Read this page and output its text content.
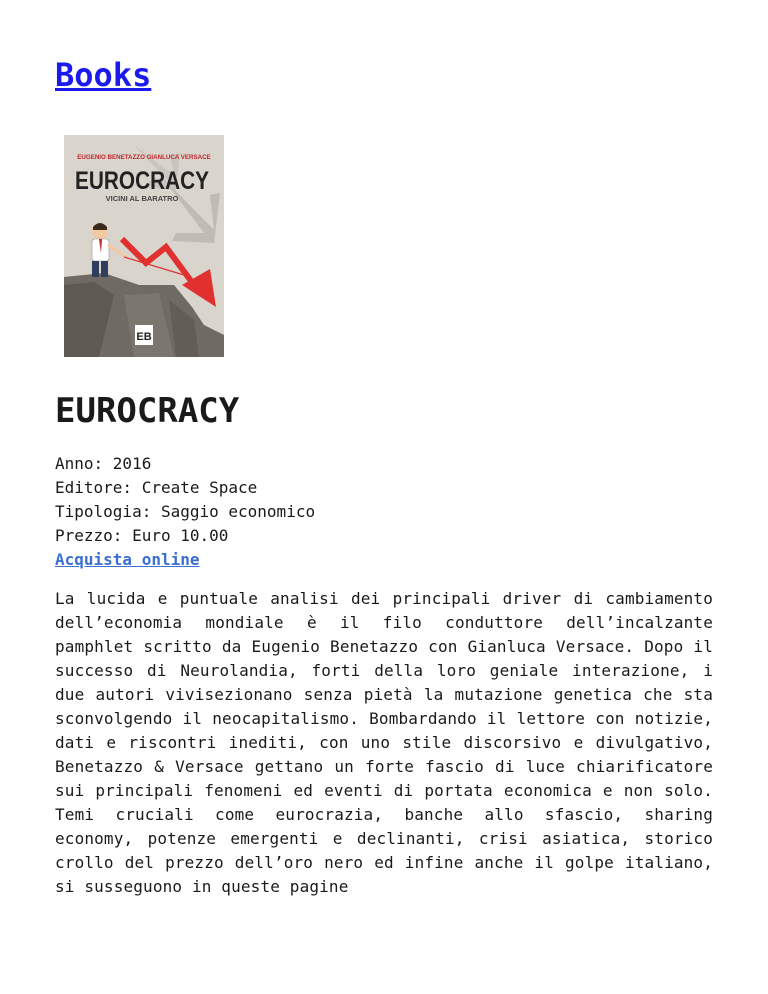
Books
EUGENIO BENETAZZO GIANLUCA VERSACE
EUROCRACY
VICINI AL BARATRO
EB
EUROCRACY
Anno: 2016
Editore: Create Space
Tipologia: Saggio economico
Prezzo: Euro 10.00
Acquista online

La lucida e puntuale analisi dei principali driver di cambiamento dell’economia mondiale è il filo conduttore dell’incalzante pamphlet scritto da Eugenio Benetazzo con Gianluca Versace. Dopo il successo di Neurolandia, forti della loro geniale interazione, i due autori vivisezionano senza pietà la mutazione genetica che sta sconvolgendo il neocapitalismo. Bombardando il lettore con notizie, dati e riscontri inediti, con uno stile discorsivo e divulgativo, Benetazzo & Versace gettano un forte fascio di luce chiarificatore sui principali fenomeni ed eventi di portata economica e non solo. Temi cruciali come eurocrazia, banche allo sfascio, sharing economy, potenze emergenti e declinanti, crisi asiatica, storico crollo del prezzo dell’oro nero ed infine anche il golpe italiano, si susseguono in queste pagine
